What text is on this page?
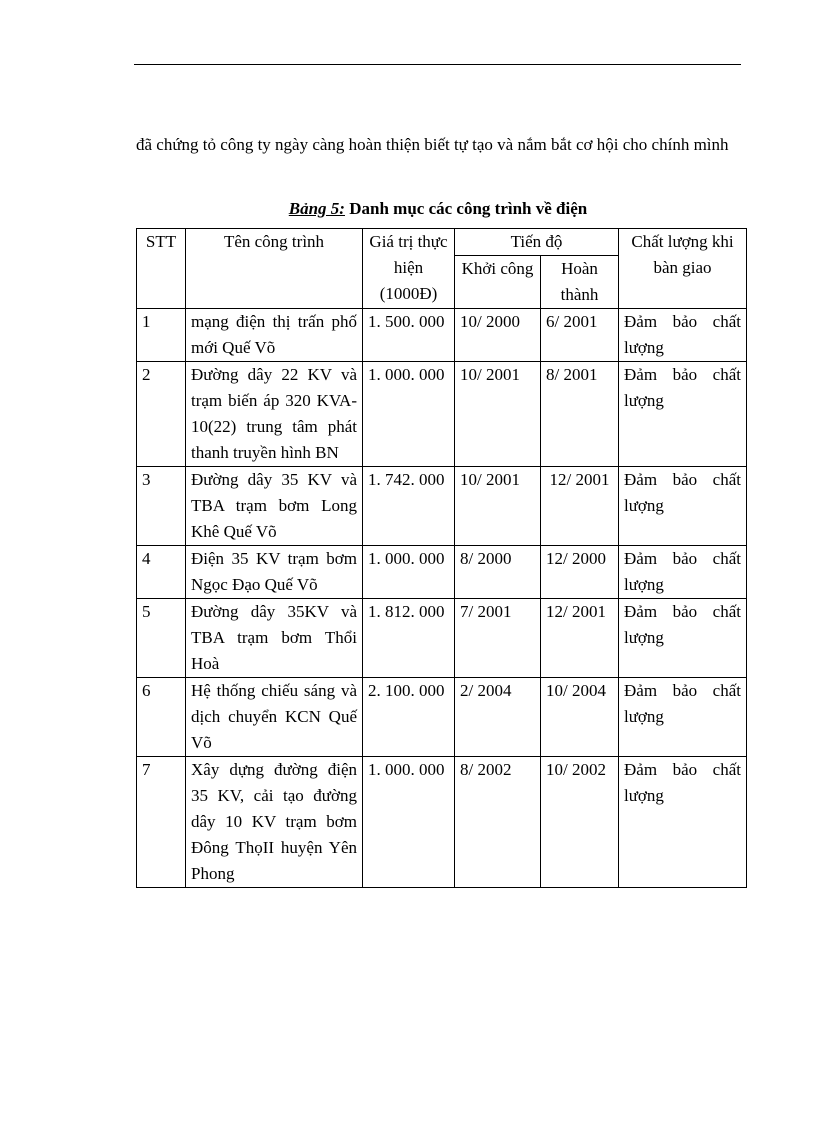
đã chứng tỏ công ty ngày càng hoàn thiện biết tự tạo và nắm bắt cơ hội cho chính mình

Bảng 5: Danh mục các công trình về điện
STT	Tên công trình	Giá trị thực hiện (1000Đ)	Tiến độ		Chất lượng khi bàn giao
			Khởi công	Hoàn thành	
1	mạng điện thị trấn phố mới Quế Võ	1. 500. 000	10/ 2000	6/ 2001	Đảm bảo chất lượng
2	Đường dây 22 KV và trạm biến áp 320 KVA-10(22) trung tâm phát thanh truyền hình BN	1. 000. 000	10/ 2001	8/ 2001	Đảm bảo chất lượng
3	Đường dây 35 KV và TBA trạm bơm Long Khê Quế Võ	1. 742. 000	10/ 2001	12/ 2001	Đảm bảo chất lượng
4	Điện 35 KV trạm bơm Ngọc Đạo Quế Võ	1. 000. 000	8/ 2000	12/ 2000	Đảm bảo chất lượng
5	Đường dây 35KV và TBA trạm bơm Thổi Hoà	1. 812. 000	7/ 2001	12/ 2001	Đảm bảo chất lượng
6	Hệ thống chiếu sáng và dịch chuyển KCN Quế Võ	2. 100. 000	2/ 2004	10/ 2004	Đảm bảo chất lượng
7	Xây dựng đường điện 35 KV, cải tạo đường dây 10 KV trạm bơm Đông ThọII huyện Yên Phong	1. 000. 000	8/ 2002	10/ 2002	Đảm bảo chất lượng
